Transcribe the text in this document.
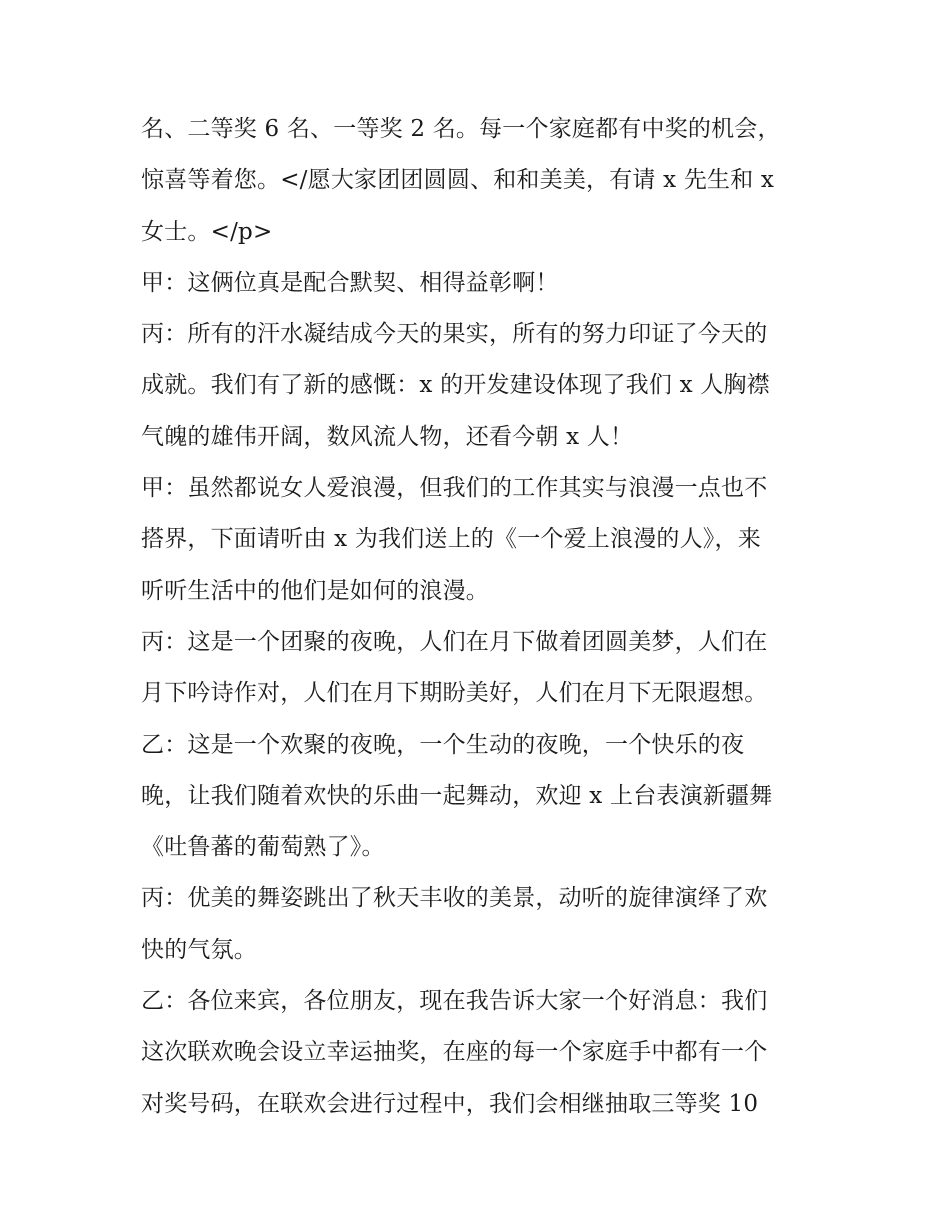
名、二等奖 6 名、一等奖 2 名。每一个家庭都有中奖的机会，
惊喜等着您。</愿大家团团圆圆、和和美美，有请 x 先生和 x
女士。</p>
甲：这俩位真是配合默契、相得益彰啊！
丙：所有的汗水凝结成今天的果实，所有的努力印证了今天的
成就。我们有了新的感慨：x 的开发建设体现了我们 x 人胸襟
气魄的雄伟开阔，数风流人物，还看今朝 x 人！
甲：虽然都说女人爱浪漫，但我们的工作其实与浪漫一点也不
搭界，下面请听由 x 为我们送上的《一个爱上浪漫的人》，来
听听生活中的他们是如何的浪漫。
丙：这是一个团聚的夜晚，人们在月下做着团圆美梦，人们在
月下吟诗作对，人们在月下期盼美好，人们在月下无限遐想。
乙：这是一个欢聚的夜晚，一个生动的夜晚，一个快乐的夜
晚，让我们随着欢快的乐曲一起舞动，欢迎 x 上台表演新疆舞
《吐鲁蕃的葡萄熟了》。
丙：优美的舞姿跳出了秋天丰收的美景，动听的旋律演绎了欢
快的气氛。
乙：各位来宾，各位朋友，现在我告诉大家一个好消息：我们
这次联欢晚会设立幸运抽奖，在座的每一个家庭手中都有一个
对奖号码，在联欢会进行过程中，我们会相继抽取三等奖 10
